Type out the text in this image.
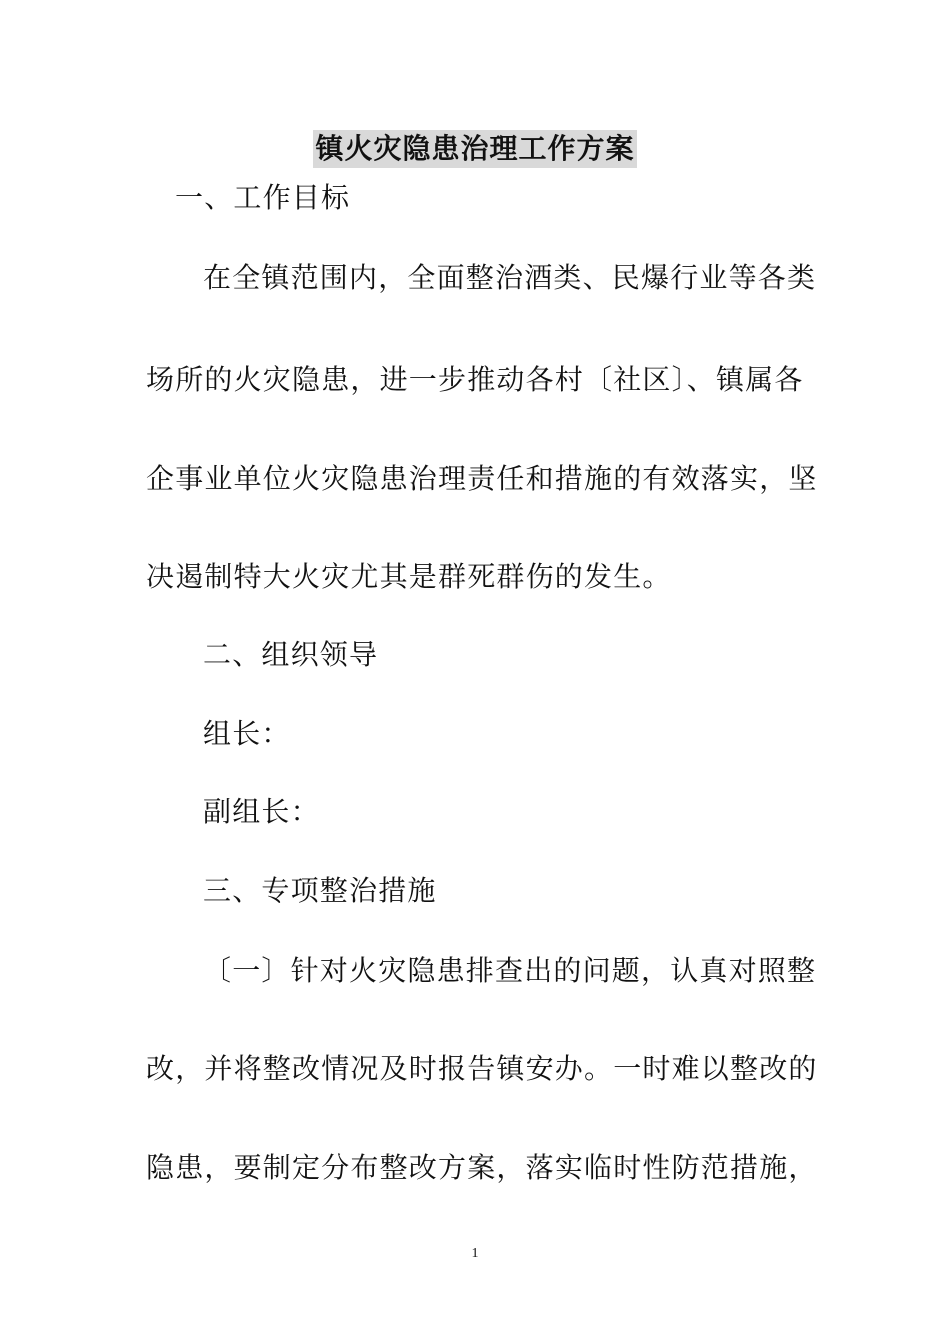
镇火灾隐患治理工作方案
一、工作目标
在全镇范围内，全面整治酒类、民爆行业等各类
场所的火灾隐患，进一步推动各村〔社区〕、镇属各
企事业单位火灾隐患治理责任和措施的有效落实，坚
决遏制特大火灾尤其是群死群伤的发生。
二、组织领导
组长：
副组长：
三、专项整治措施
〔一〕针对火灾隐患排查出的问题，认真对照整
改，并将整改情况及时报告镇安办。一时难以整改的
隐患，要制定分布整改方案，落实临时性防范措施，
1
